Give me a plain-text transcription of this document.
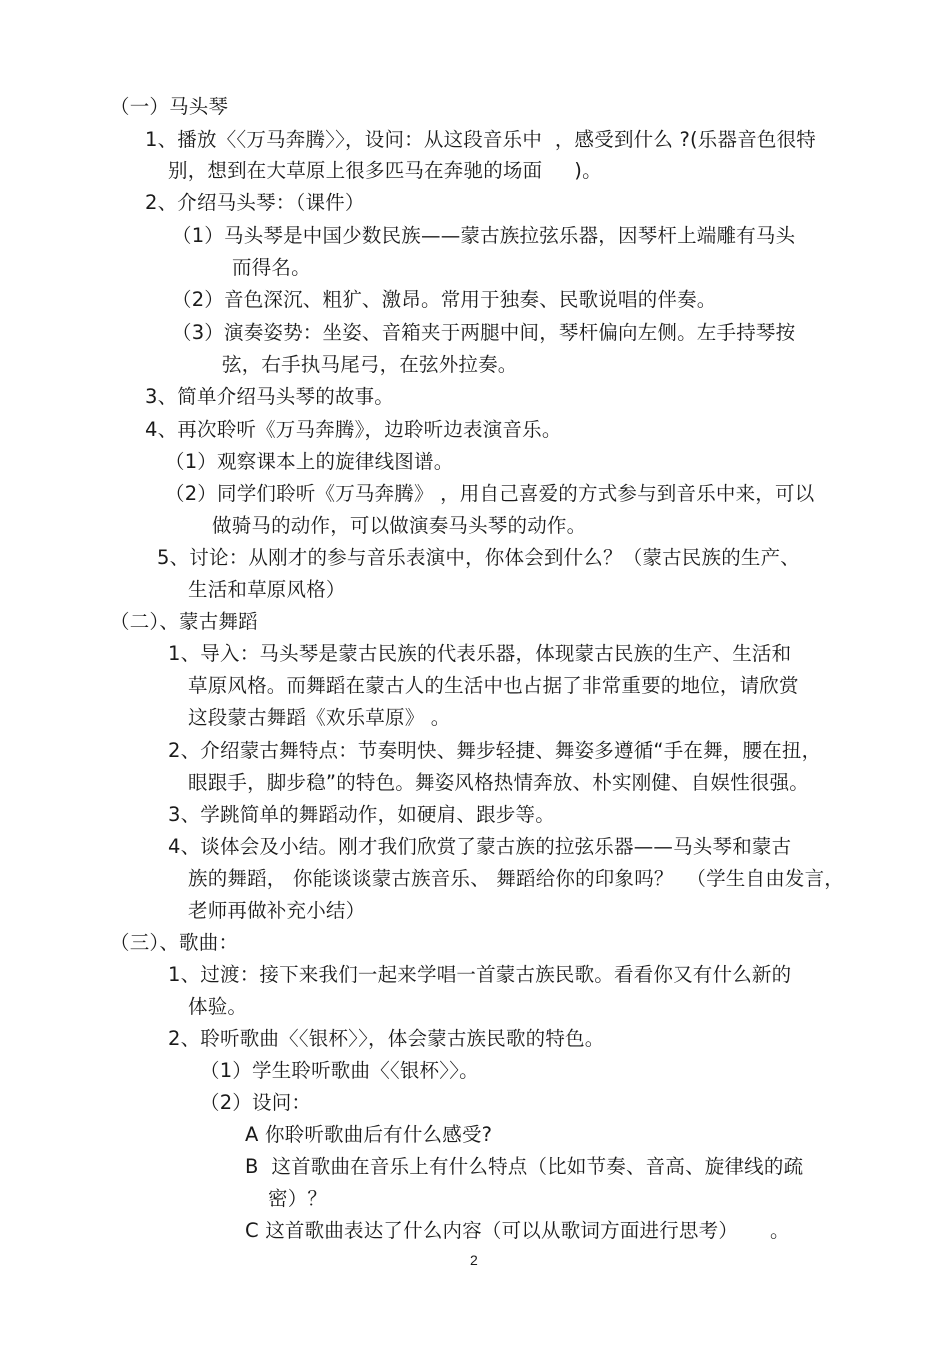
（一）马头琴
1、播放〈〈万马奔腾〉〉，设问：从这段音乐中  ，感受到什么 ?(乐器音色很特
别，想到在大草原上很多匹马在奔驰的场面     )。
2、介绍马头琴：（课件）
（1）马头琴是中国少数民族——蒙古族拉弦乐器，因琴杆上端雕有马头
而得名。
（2）音色深沉、粗犷、激昂。常用于独奏、民歌说唱的伴奏。
（3）演奏姿势：坐姿、音箱夹于两腿中间，琴杆偏向左侧。左手持琴按
弦，右手执马尾弓，在弦外拉奏。
3、简单介绍马头琴的故事。
4、再次聆听《万马奔腾》，边聆听边表演音乐。
（1）观察课本上的旋律线图谱。
（2）同学们聆听《万马奔腾》 ，用自己喜爱的方式参与到音乐中来，可以
做骑马的动作，可以做演奏马头琴的动作。
5、讨论：从刚才的参与音乐表演中，你体会到什么？（蒙古民族的生产、
生活和草原风格）
（二）、蒙古舞蹈
1、导入：马头琴是蒙古民族的代表乐器，体现蒙古民族的生产、生活和
草原风格。而舞蹈在蒙古人的生活中也占据了非常重要的地位，请欣赏
这段蒙古舞蹈《欢乐草原》 。
2、介绍蒙古舞特点：节奏明快、舞步轻捷、舞姿多遵循“手在舞，腰在扭，
眼跟手，脚步稳”的特色。舞姿风格热情奔放、朴实刚健、自娱性很强。
3、学跳简单的舞蹈动作，如硬肩、跟步等。
4、谈体会及小结。刚才我们欣赏了蒙古族的拉弦乐器——马头琴和蒙古
族的舞蹈， 你能谈谈蒙古族音乐、 舞蹈给你的印象吗？  （学生自由发言，
老师再做补充小结）
（三）、歌曲：
1、过渡：接下来我们一起来学唱一首蒙古族民歌。看看你又有什么新的
体验。
2、聆听歌曲〈〈银杯〉〉，体会蒙古族民歌的特色。
（1）学生聆听歌曲〈〈银杯〉〉。
（2）设问：
A 你聆听歌曲后有什么感受?
B  这首歌曲在音乐上有什么特点（比如节奏、音高、旋律线的疏
密）？
C 这首歌曲表达了什么内容（可以从歌词方面进行思考）     。
2
